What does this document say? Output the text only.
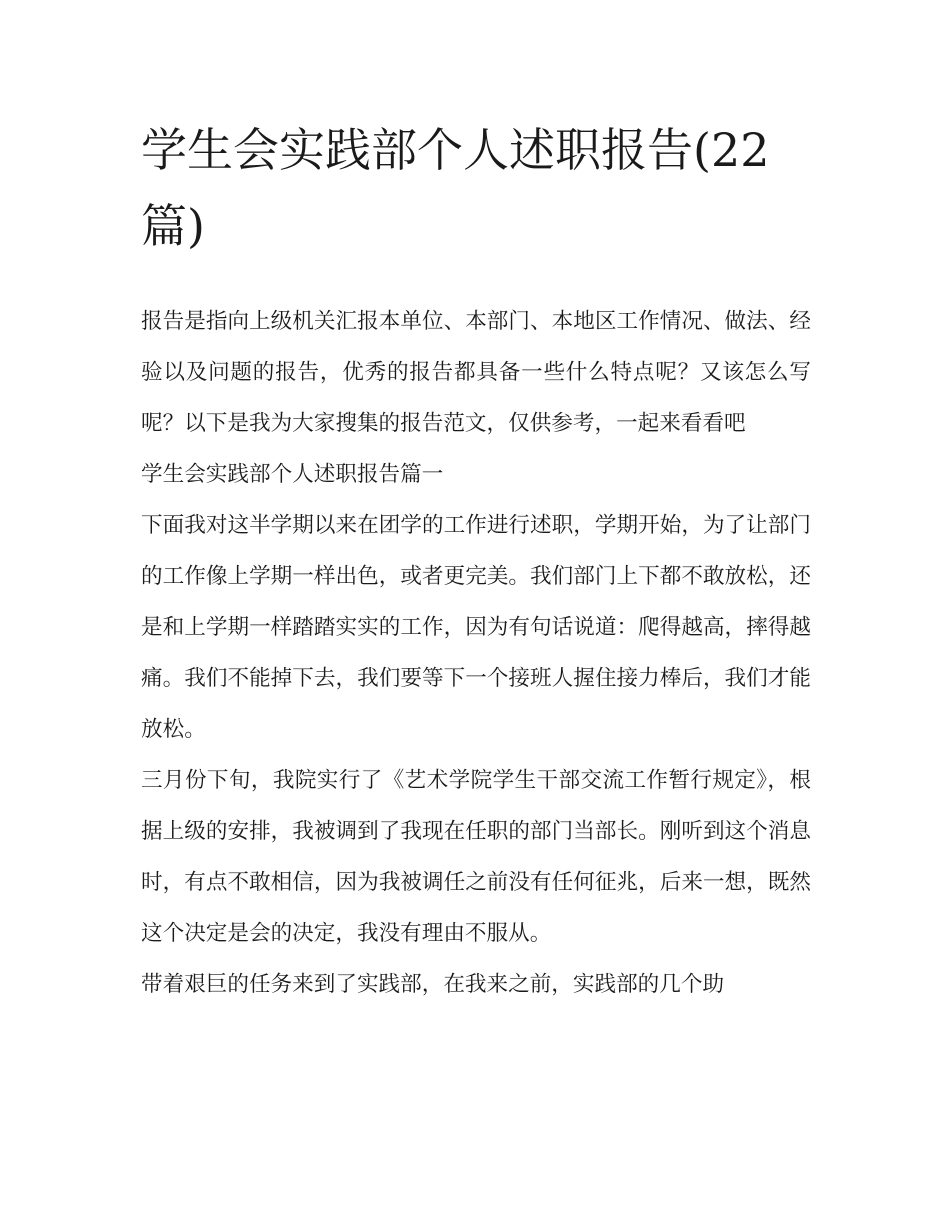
学生会实践部个人述职报告(22篇)

报告是指向上级机关汇报本单位、本部门、本地区工作情况、做法、经验以及问题的报告，优秀的报告都具备一些什么特点呢？又该怎么写呢？以下是我为大家搜集的报告范文，仅供参考，一起来看看吧

学生会实践部个人述职报告篇一

下面我对这半学期以来在团学的工作进行述职，学期开始，为了让部门的工作像上学期一样出色，或者更完美。我们部门上下都不敢放松，还是和上学期一样踏踏实实的工作，因为有句话说道：爬得越高，摔得越痛。我们不能掉下去，我们要等下一个接班人握住接力棒后，我们才能放松。

三月份下旬，我院实行了《艺术学院学生干部交流工作暂行规定》，根据上级的安排，我被调到了我现在任职的部门当部长。刚听到这个消息时，有点不敢相信，因为我被调任之前没有任何征兆，后来一想，既然这个决定是会的决定，我没有理由不服从。

带着艰巨的任务来到了实践部，在我来之前，实践部的几个助
